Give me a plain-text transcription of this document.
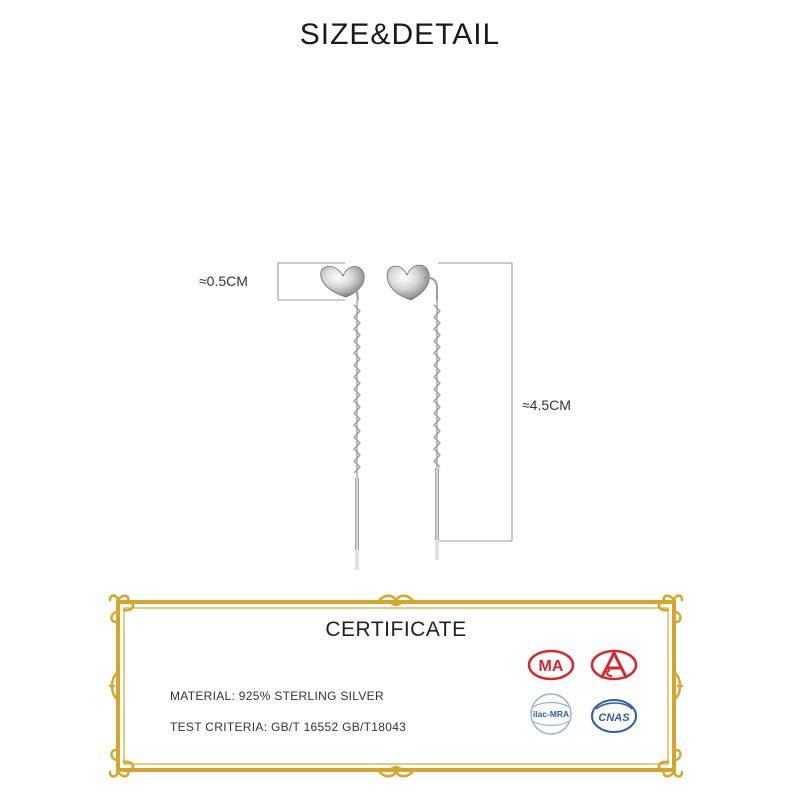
SIZE&DETAIL
≈0.5CM
≈4.5CM
CERTIFICATE
MATERIAL: 925% STERLING SILVER
TEST CRITERIA: GB/T 16552 GB/T18043
MA
ilac-MRA	CNAS
